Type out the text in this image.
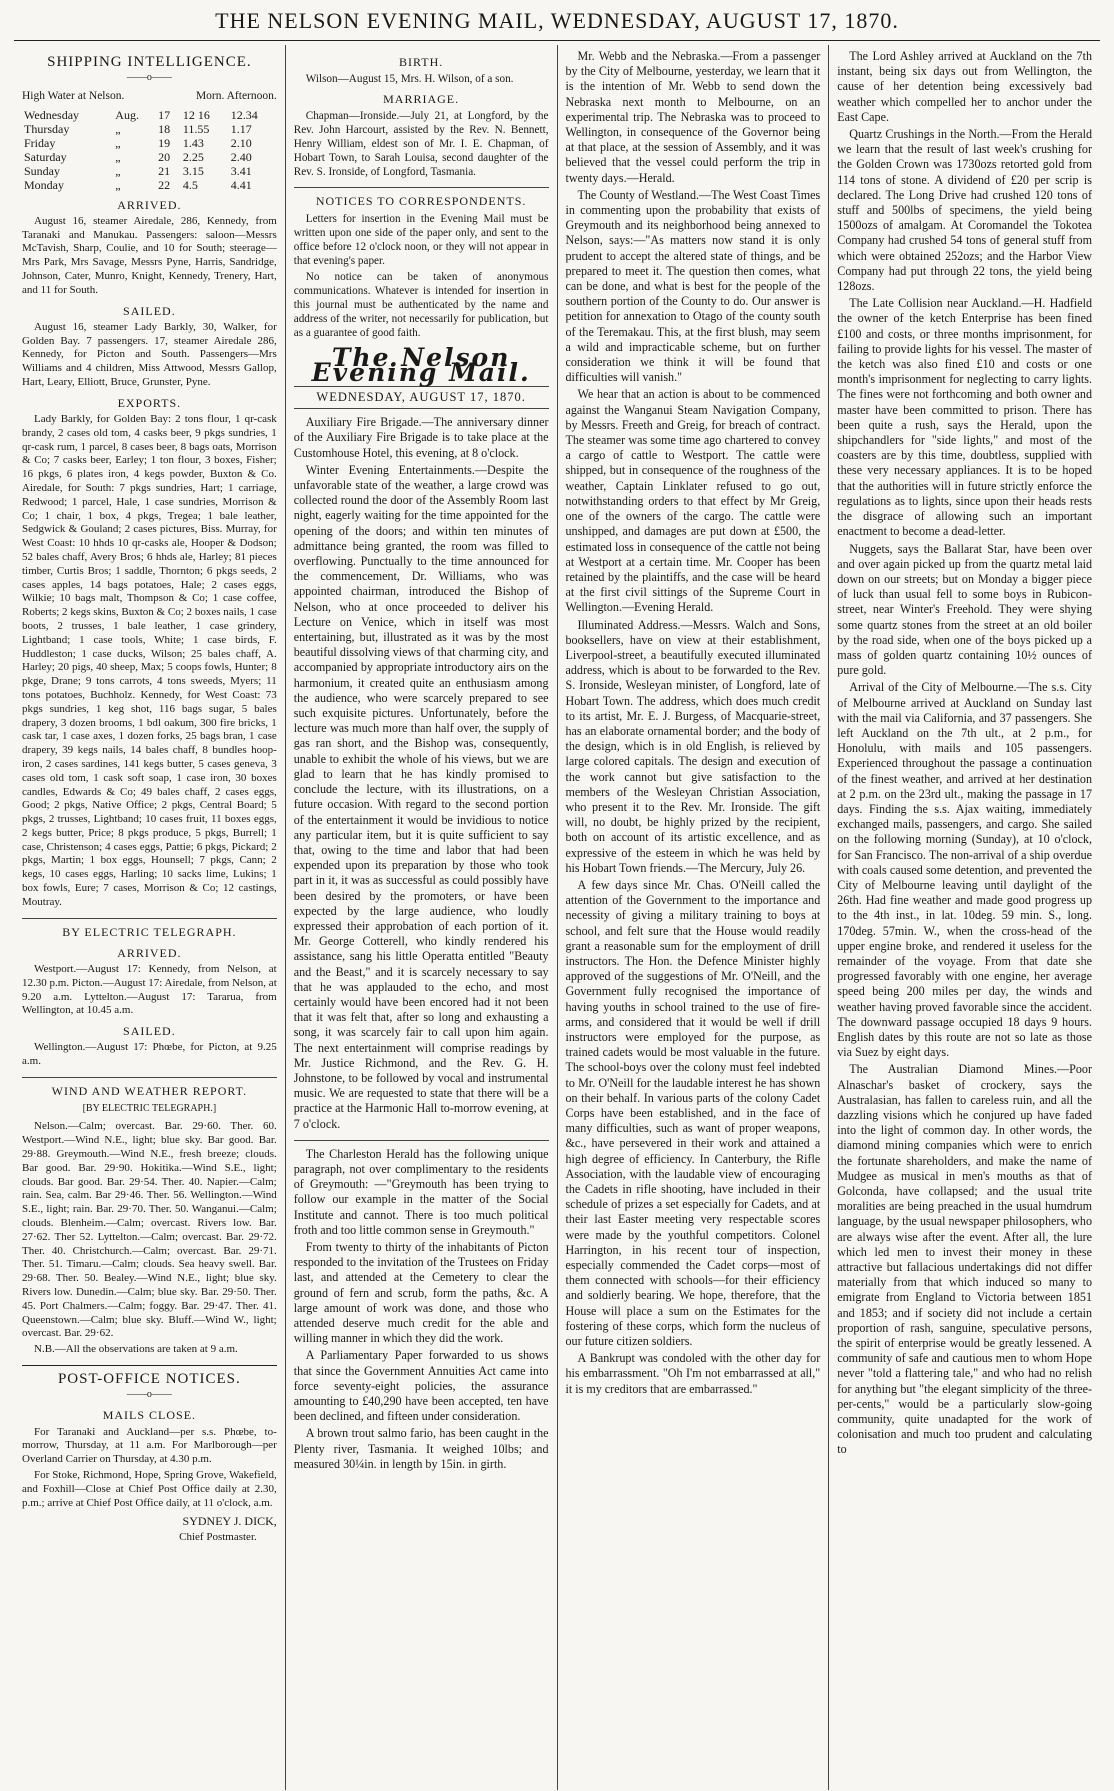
THE NELSON EVENING MAIL, WEDNESDAY, AUGUST 17, 1870.
SHIPPING INTELLIGENCE.
——o——
High Water at Nelson.	Morn. Afternoon.
Wednesday	Aug.	17	12 16	12.34
Thursday	„	18	11.55	1.17
Friday	„	19	1.43	2.10
Saturday	„	20	2.25	2.40
Sunday	„	21	3.15	3.41
Monday	„	22	4.5	4.41
ARRIVED.

August 16, steamer Airedale, 286, Kennedy, from Taranaki and Manukau. Passengers: saloon—Messrs McTavish, Sharp, Coulie, and 10 for South; steerage—Mrs Park, Mrs Savage, Messrs Pyne, Harris, Sandridge, Johnson, Cater, Munro, Knight, Kennedy, Trenery, Hart, and 11 for South.

SAILED.

August 16, steamer Lady Barkly, 30, Walker, for Golden Bay. 7 passengers. 17, steamer Airedale 286, Kennedy, for Picton and South. Passengers—Mrs Williams and 4 children, Miss Attwood, Messrs Gallop, Hart, Leary, Elliott, Bruce, Grunster, Pyne.

EXPORTS.

Lady Barkly, for Golden Bay: 2 tons flour, 1 qr-cask brandy, 2 cases old tom, 4 casks beer, 9 pkgs sundries, 1 qr-cask rum, 1 parcel, 8 cases beer, 8 bags oats, Morrison & Co; 7 casks beer, Earley; 1 ton flour, 3 boxes, Fisher; 16 pkgs, 6 plates iron, 4 kegs powder, Buxton & Co. Airedale, for South: 7 pkgs sundries, Hart; 1 carriage, Redwood; 1 parcel, Hale, 1 case sundries, Morrison & Co; 1 chair, 1 box, 4 pkgs, Tregea; 1 bale leather, Sedgwick & Gouland; 2 cases pictures, Biss. Murray, for West Coast: 10 hhds 10 qr-casks ale, Hooper & Dodson; 52 bales chaff, Avery Bros; 6 hhds ale, Harley; 81 pieces timber, Curtis Bros; 1 saddle, Thornton; 6 pkgs seeds, 2 cases apples, 14 bags potatoes, Hale; 2 cases eggs, Wilkie; 10 bags malt, Thompson & Co; 1 case coffee, Roberts; 2 kegs skins, Buxton & Co; 2 boxes nails, 1 case boots, 2 trusses, 1 bale leather, 1 case grindery, Lightband; 1 case tools, White; 1 case birds, F. Huddleston; 1 case ducks, Wilson; 25 bales chaff, A. Harley; 20 pigs, 40 sheep, Max; 5 coops fowls, Hunter; 8 pkge, Drane; 9 tons carrots, 4 tons sweeds, Myers; 11 tons potatoes, Buchholz. Kennedy, for West Coast: 73 pkgs sundries, 1 keg shot, 116 bags sugar, 5 bales drapery, 3 dozen brooms, 1 bdl oakum, 300 fire bricks, 1 cask tar, 1 case axes, 1 dozen forks, 25 bags bran, 1 case drapery, 39 kegs nails, 14 bales chaff, 8 bundles hoop-iron, 2 cases sardines, 141 kegs butter, 5 cases geneva, 3 cases old tom, 1 cask soft soap, 1 case iron, 30 boxes candles, Edwards & Co; 49 bales chaff, 2 cases eggs, Good; 2 pkgs, Native Office; 2 pkgs, Central Board; 5 pkgs, 2 trusses, Lightband; 10 cases fruit, 11 boxes eggs, 2 kegs butter, Price; 8 pkgs produce, 5 pkgs, Burrell; 1 case, Christenson; 4 cases eggs, Pattie; 6 pkgs, Pickard; 2 pkgs, Martin; 1 box eggs, Hounsell; 7 pkgs, Cann; 2 kegs, 10 cases eggs, Harling; 10 sacks lime, Lukins; 1 box fowls, Eure; 7 cases, Morrison & Co; 12 castings, Moutray.

BY ELECTRIC TELEGRAPH.
ARRIVED.

Westport.—August 17: Kennedy, from Nelson, at 12.30 p.m. Picton.—August 17: Airedale, from Nelson, at 9.20 a.m. Lyttelton.—August 17: Tararua, from Wellington, at 10.45 a.m.

SAILED.

Wellington.—August 17: Phœbe, for Picton, at 9.25 a.m.

WIND AND WEATHER REPORT.
[BY ELECTRIC TELEGRAPH.]

Nelson.—Calm; overcast. Bar. 29·60. Ther. 60. Westport.—Wind N.E., light; blue sky. Bar good. Bar. 29·88. Greymouth.—Wind N.E., fresh breeze; clouds. Bar good. Bar. 29·90. Hokitika.—Wind S.E., light; clouds. Bar good. Bar. 29·54. Ther. 40. Napier.—Calm; rain. Sea, calm. Bar 29·46. Ther. 56. Wellington.—Wind S.E., light; rain. Bar. 29·70. Ther. 50. Wanganui.—Calm; clouds. Blenheim.—Calm; overcast. Rivers low. Bar. 27·62. Ther 52. Lyttelton.—Calm; overcast. Bar. 29·72. Ther. 40. Christchurch.—Calm; overcast. Bar. 29·71. Ther. 51. Timaru.—Calm; clouds. Sea heavy swell. Bar. 29·68. Ther. 50. Bealey.—Wind N.E., light; blue sky. Rivers low. Dunedin.—Calm; blue sky. Bar. 29·50. Ther. 45. Port Chalmers.—Calm; foggy. Bar. 29·47. Ther. 41. Queenstown.—Calm; blue sky. Bluff.—Wind W., light; overcast. Bar. 29·62.

N.B.—All the observations are taken at 9 a.m.

POST-OFFICE NOTICES.
——o——
MAILS CLOSE.

For Taranaki and Auckland—per s.s. Phœbe, to-morrow, Thursday, at 11 a.m. For Marlborough—per Overland Carrier on Thursday, at 4.30 p.m.

For Stoke, Richmond, Hope, Spring Grove, Wakefield, and Foxhill—Close at Chief Post Office daily at 2.30, p.m.; arrive at Chief Post Office daily, at 11 o'clock, a.m.

SYDNEY J. DICK,
Chief Postmaster.
BIRTH.

Wilson—August 15, Mrs. H. Wilson, of a son.

MARRIAGE.

Chapman—Ironside.—July 21, at Longford, by the Rev. John Harcourt, assisted by the Rev. N. Bennett, Henry William, eldest son of Mr. I. E. Chapman, of Hobart Town, to Sarah Louisa, second daughter of the Rev. S. Ironside, of Longford, Tasmania.

NOTICES TO CORRESPONDENTS.

Letters for insertion in the Evening Mail must be written upon one side of the paper only, and sent to the office before 12 o'clock noon, or they will not appear in that evening's paper.

No notice can be taken of anonymous communications. Whatever is intended for insertion in this journal must be authenticated by the name and address of the writer, not necessarily for publication, but as a guarantee of good faith.

The Nelson Evening Mail.
WEDNESDAY, AUGUST 17, 1870.

Auxiliary Fire Brigade.—The anniversary dinner of the Auxiliary Fire Brigade is to take place at the Customhouse Hotel, this evening, at 8 o'clock.

Winter Evening Entertainments.—Despite the unfavorable state of the weather, a large crowd was collected round the door of the Assembly Room last night, eagerly waiting for the time appointed for the opening of the doors; and within ten minutes of admittance being granted, the room was filled to overflowing. Punctually to the time announced for the commencement, Dr. Williams, who was appointed chairman, introduced the Bishop of Nelson, who at once proceeded to deliver his Lecture on Venice, which in itself was most entertaining, but, illustrated as it was by the most beautiful dissolving views of that charming city, and accompanied by appropriate introductory airs on the harmonium, it created quite an enthusiasm among the audience, who were scarcely prepared to see such exquisite pictures. Unfortunately, before the lecture was much more than half over, the supply of gas ran short, and the Bishop was, consequently, unable to exhibit the whole of his views, but we are glad to learn that he has kindly promised to conclude the lecture, with its illustrations, on a future occasion. With regard to the second portion of the entertainment it would be invidious to notice any particular item, but it is quite sufficient to say that, owing to the time and labor that had been expended upon its preparation by those who took part in it, it was as successful as could possibly have been desired by the promoters, or have been expected by the large audience, who loudly expressed their approbation of each portion of it. Mr. George Cotterell, who kindly rendered his assistance, sang his little Operatta entitled "Beauty and the Beast," and it is scarcely necessary to say that he was applauded to the echo, and most certainly would have been encored had it not been that it was felt that, after so long and exhausting a song, it was scarcely fair to call upon him again. The next entertainment will comprise readings by Mr. Justice Richmond, and the Rev. G. H. Johnstone, to be followed by vocal and instrumental music. We are requested to state that there will be a practice at the Harmonic Hall to-morrow evening, at 7 o'clock.

The Charleston Herald has the following unique paragraph, not over complimentary to the residents of Greymouth: —"Greymouth has been trying to follow our example in the matter of the Social Institute and cannot. There is too much political froth and too little common sense in Greymouth."

From twenty to thirty of the inhabitants of Picton responded to the invitation of the Trustees on Friday last, and attended at the Cemetery to clear the ground of fern and scrub, form the paths, &c. A large amount of work was done, and those who attended deserve much credit for the able and willing manner in which they did the work.

A Parliamentary Paper forwarded to us shows that since the Government Annuities Act came into force seventy-eight policies, the assurance amounting to £40,290 have been accepted, ten have been declined, and fifteen under consideration.

A brown trout salmo fario, has been caught in the Plenty river, Tasmania. It weighed 10lbs; and measured 30¼in. in length by 15in. in girth.

Mr. Webb and the Nebraska.—From a passenger by the City of Melbourne, yesterday, we learn that it is the intention of Mr. Webb to send down the Nebraska next month to Melbourne, on an experimental trip. The Nebraska was to proceed to Wellington, in consequence of the Governor being at that place, at the session of Assembly, and it was believed that the vessel could perform the trip in twenty days.—Herald.

The County of Westland.—The West Coast Times in commenting upon the probability that exists of Greymouth and its neighborhood being annexed to Nelson, says:—"As matters now stand it is only prudent to accept the altered state of things, and be prepared to meet it. The question then comes, what can be done, and what is best for the people of the southern portion of the County to do. Our answer is petition for annexation to Otago of the county south of the Teremakau. This, at the first blush, may seem a wild and impracticable scheme, but on further consideration we think it will be found that difficulties will vanish."

We hear that an action is about to be commenced against the Wanganui Steam Navigation Company, by Messrs. Freeth and Greig, for breach of contract. The steamer was some time ago chartered to convey a cargo of cattle to Westport. The cattle were shipped, but in consequence of the roughness of the weather, Captain Linklater refused to go out, notwithstanding orders to that effect by Mr Greig, one of the owners of the cargo. The cattle were unshipped, and damages are put down at £500, the estimated loss in consequence of the cattle not being at Westport at a certain time. Mr. Cooper has been retained by the plaintiffs, and the case will be heard at the first civil sittings of the Supreme Court in Wellington.—Evening Herald.

Illuminated Address.—Messrs. Walch and Sons, booksellers, have on view at their establishment, Liverpool-street, a beautifully executed illuminated address, which is about to be forwarded to the Rev. S. Ironside, Wesleyan minister, of Longford, late of Hobart Town. The address, which does much credit to its artist, Mr. E. J. Burgess, of Macquarie-street, has an elaborate ornamental border; and the body of the design, which is in old English, is relieved by large colored capitals. The design and execution of the work cannot but give satisfaction to the members of the Wesleyan Christian Association, who present it to the Rev. Mr. Ironside. The gift will, no doubt, be highly prized by the recipient, both on account of its artistic excellence, and as expressive of the esteem in which he was held by his Hobart Town friends.—The Mercury, July 26.

A few days since Mr. Chas. O'Neill called the attention of the Government to the importance and necessity of giving a military training to boys at school, and felt sure that the House would readily grant a reasonable sum for the employment of drill instructors. The Hon. the Defence Minister highly approved of the suggestions of Mr. O'Neill, and the Government fully recognised the importance of having youths in school trained to the use of fire-arms, and considered that it would be well if drill instructors were employed for the purpose, as trained cadets would be most valuable in the future. The school-boys over the colony must feel indebted to Mr. O'Neill for the laudable interest he has shown on their behalf. In various parts of the colony Cadet Corps have been established, and in the face of many difficulties, such as want of proper weapons, &c., have persevered in their work and attained a high degree of efficiency. In Canterbury, the Rifle Association, with the laudable view of encouraging the Cadets in rifle shooting, have included in their schedule of prizes a set especially for Cadets, and at their last Easter meeting very respectable scores were made by the youthful competitors. Colonel Harrington, in his recent tour of inspection, especially commended the Cadet corps—most of them connected with schools—for their efficiency and soldierly bearing. We hope, therefore, that the House will place a sum on the Estimates for the fostering of these corps, which form the nucleus of our future citizen soldiers.

A Bankrupt was condoled with the other day for his embarrassment. "Oh I'm not embarrassed at all," it is my creditors that are embarrassed."

The Lord Ashley arrived at Auckland on the 7th instant, being six days out from Wellington, the cause of her detention being excessively bad weather which compelled her to anchor under the East Cape.

Quartz Crushings in the North.—From the Herald we learn that the result of last week's crushing for the Golden Crown was 1730ozs retorted gold from 114 tons of stone. A dividend of £20 per scrip is declared. The Long Drive had crushed 120 tons of stuff and 500lbs of specimens, the yield being 1500ozs of amalgam. At Coromandel the Tokotea Company had crushed 54 tons of general stuff from which were obtained 252ozs; and the Harbor View Company had put through 22 tons, the yield being 128ozs.

The Late Collision near Auckland.—H. Hadfield the owner of the ketch Enterprise has been fined £100 and costs, or three months imprisonment, for failing to provide lights for his vessel. The master of the ketch was also fined £10 and costs or one month's imprisonment for neglecting to carry lights. The fines were not forthcoming and both owner and master have been committed to prison. There has been quite a rush, says the Herald, upon the shipchandlers for "side lights," and most of the coasters are by this time, doubtless, supplied with these very necessary appliances. It is to be hoped that the authorities will in future strictly enforce the regulations as to lights, since upon their heads rests the disgrace of allowing such an important enactment to become a dead-letter.

Nuggets, says the Ballarat Star, have been over and over again picked up from the quartz metal laid down on our streets; but on Monday a bigger piece of luck than usual fell to some boys in Rubicon-street, near Winter's Freehold. They were shying some quartz stones from the street at an old boiler by the road side, when one of the boys picked up a mass of golden quartz containing 10½ ounces of pure gold.

Arrival of the City of Melbourne.—The s.s. City of Melbourne arrived at Auckland on Sunday last with the mail via California, and 37 passengers. She left Auckland on the 7th ult., at 2 p.m., for Honolulu, with mails and 105 passengers. Experienced throughout the passage a continuation of the finest weather, and arrived at her destination at 2 p.m. on the 23rd ult., making the passage in 17 days. Finding the s.s. Ajax waiting, immediately exchanged mails, passengers, and cargo. She sailed on the following morning (Sunday), at 10 o'clock, for San Francisco. The non-arrival of a ship overdue with coals caused some detention, and prevented the City of Melbourne leaving until daylight of the 26th. Had fine weather and made good progress up to the 4th inst., in lat. 10deg. 59 min. S., long. 170deg. 57min. W., when the cross-head of the upper engine broke, and rendered it useless for the remainder of the voyage. From that date she progressed favorably with one engine, her average speed being 200 miles per day, the winds and weather having proved favorable since the accident. The downward passage occupied 18 days 9 hours. English dates by this route are not so late as those via Suez by eight days.

The Australian Diamond Mines.—Poor Alnaschar's basket of crockery, says the Australasian, has fallen to careless ruin, and all the dazzling visions which he conjured up have faded into the light of common day. In other words, the diamond mining companies which were to enrich the fortunate shareholders, and make the name of Mudgee as musical in men's mouths as that of Golconda, have collapsed; and the usual trite moralities are being preached in the usual humdrum language, by the usual newspaper philosophers, who are always wise after the event. After all, the lure which led men to invest their money in these attractive but fallacious undertakings did not differ materially from that which induced so many to emigrate from England to Victoria between 1851 and 1853; and if society did not include a certain proportion of rash, sanguine, speculative persons, the spirit of enterprise would be greatly lessened. A community of safe and cautious men to whom Hope never "told a flattering tale," and who had no relish for anything but "the elegant simplicity of the three-per-cents," would be a particularly slow-going community, quite unadapted for the work of colonisation and much too prudent and calculating to
